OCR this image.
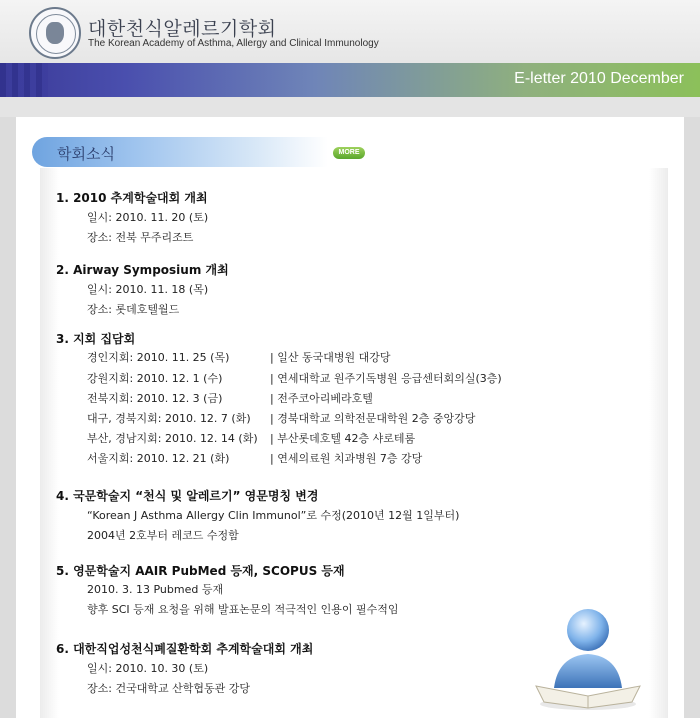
대한천식알레르기학회
The Korean Academy of Asthma, Allergy and Clinical Immunology
E-letter 2010 December
학회소식	MORE
1. 2010 추계학술대회 개최
일시: 2010. 11. 20 (토)
장소: 전북 무주리조트
2. Airway Symposium 개최
일시: 2010. 11. 18 (목)
장소: 롯데호텔월드
3. 지회 집담회
경인지회: 2010. 11. 25 (목)	| 일산 동국대병원 대강당
강원지회: 2010. 12. 1 (수)	| 연세대학교 원주기독병원 응급센터회의실(3층)
전북지회: 2010. 12. 3 (금)	| 전주코아리베라호텔
대구, 경북지회: 2010. 12. 7 (화) | 경북대학교 의학전문대학원 2층 중앙강당
부산, 경남지회: 2010. 12. 14 (화) | 부산롯데호텔 42층 샤로테룸
서울지회: 2010. 12. 21 (화)	| 연세의료원 치과병원 7층 강당
4. 국문학술지 “천식 및 알레르기” 영문명칭 변경
“Korean J Asthma Allergy Clin Immunol”로 수정(2010년 12월 1일부터)
2004년 2호부터 레코드 수정함
5. 영문학술지 AAIR PubMed 등재, SCOPUS 등재
2010. 3. 13 Pubmed 등재
향후 SCI 등재 요청을 위해 발표논문의 적극적인 인용이 필수적임
6. 대한직업성천식폐질환학회 추계학술대회 개최
일시: 2010. 10. 30 (토)
장소: 건국대학교 산학협동관 강당
